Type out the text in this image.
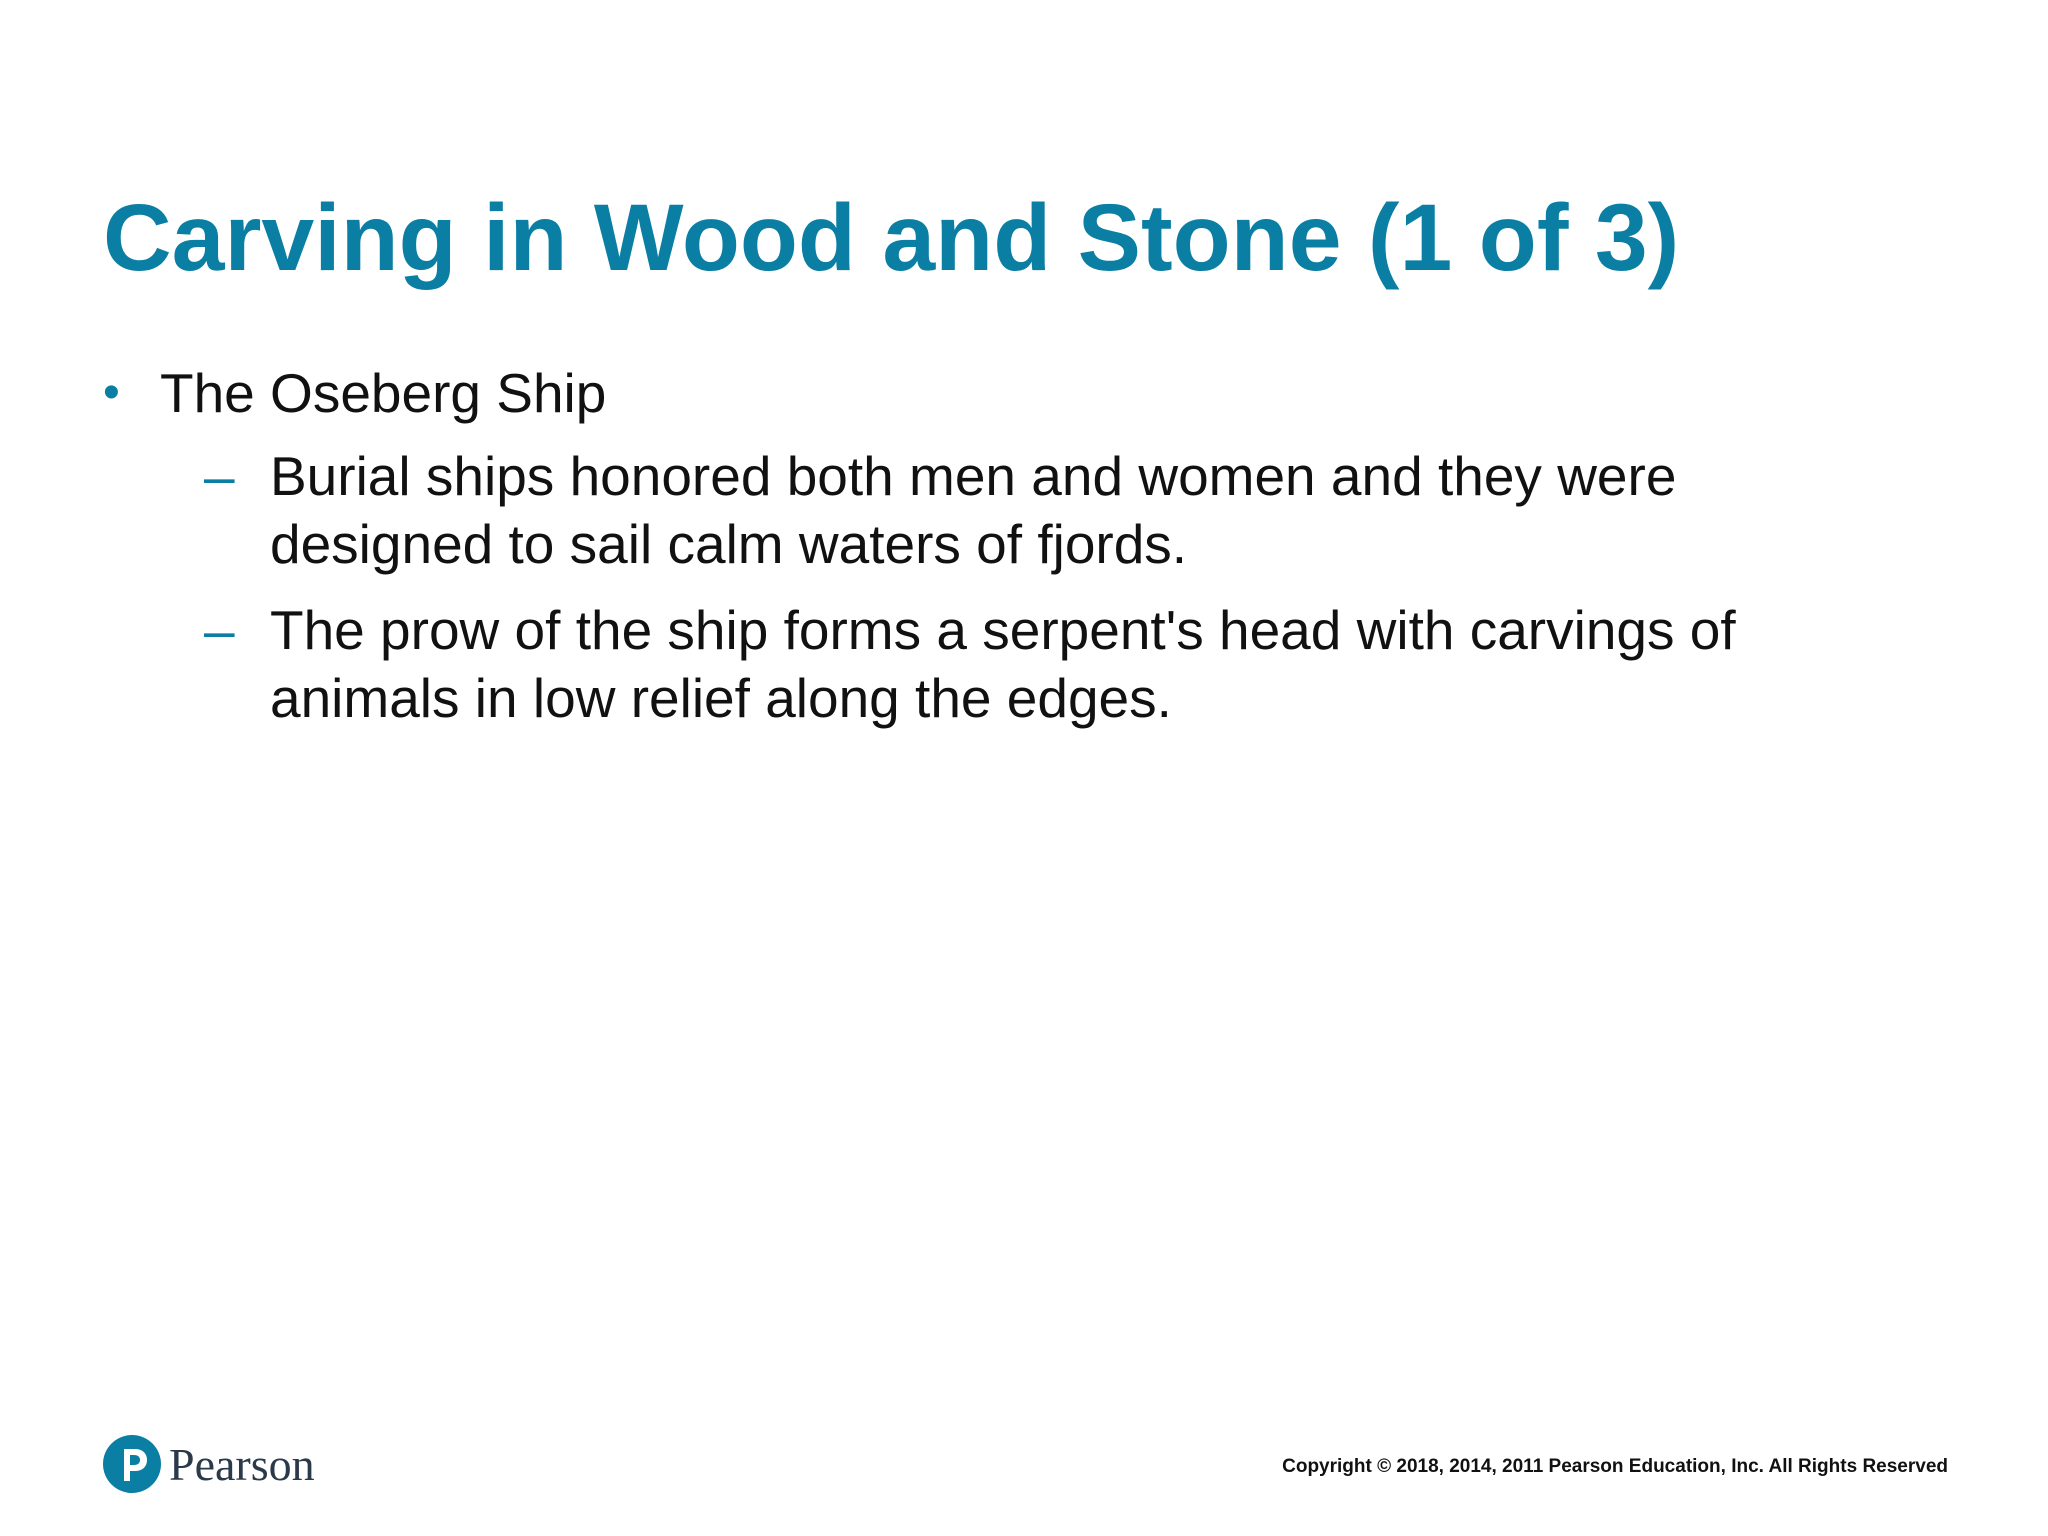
Carving in Wood and Stone (1 of 3)
• The Oseberg Ship
– Burial ships honored both men and women and they were designed to sail calm waters of fjords.
– The prow of the ship forms a serpent's head with carvings of animals in low relief along the edges.
Pearson	Copyright © 2018, 2014, 2011 Pearson Education, Inc. All Rights Reserved
